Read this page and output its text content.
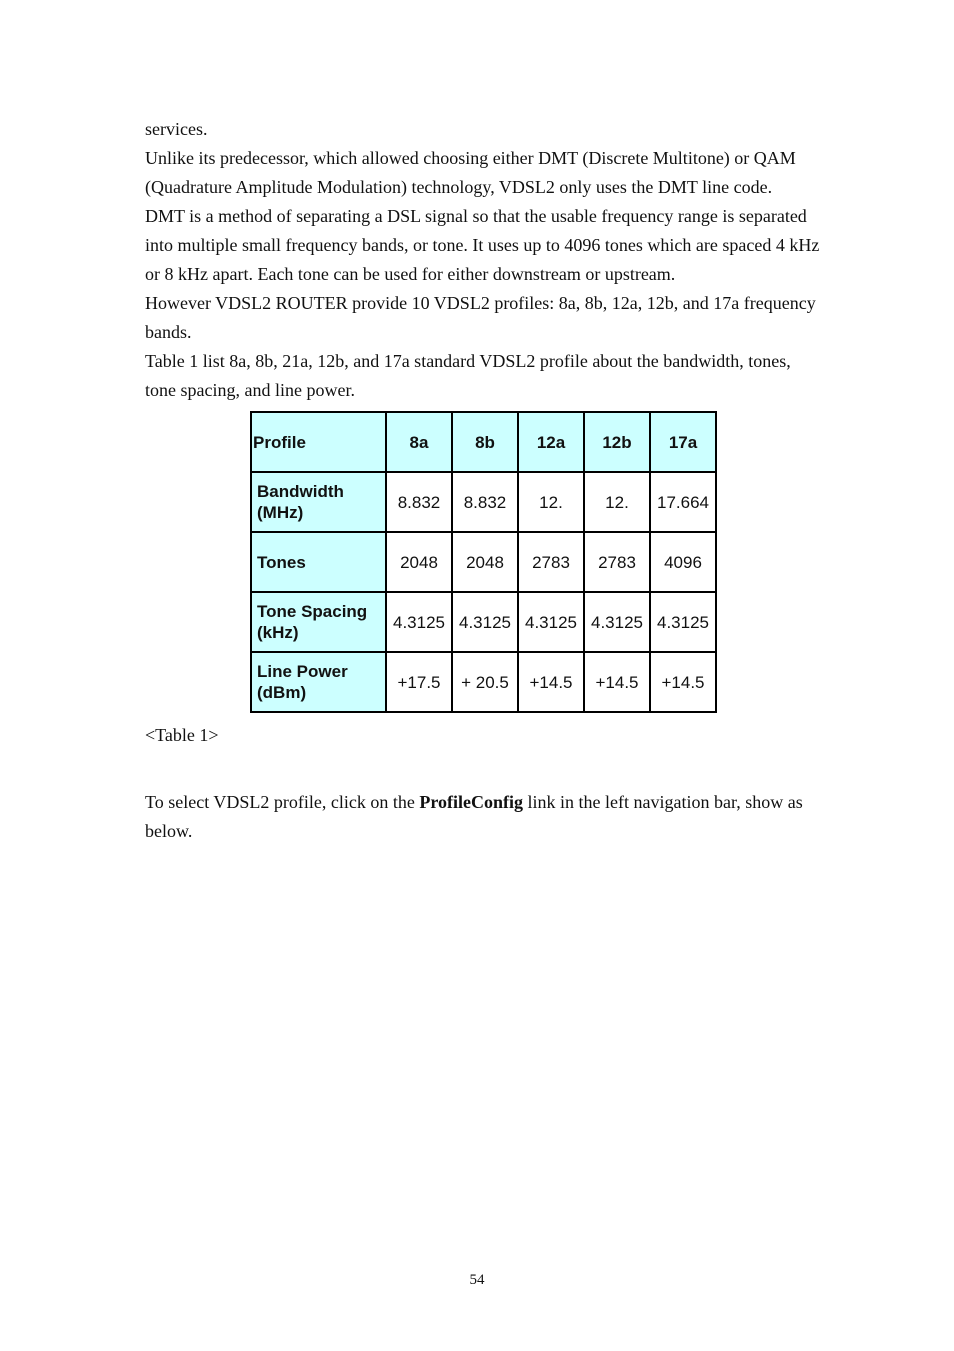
services.

Unlike its predecessor, which allowed choosing either DMT (Discrete Multitone) or QAM (Quadrature Amplitude Modulation) technology, VDSL2 only uses the DMT line code.

DMT is a method of separating a DSL signal so that the usable frequency range is separated into multiple small frequency bands, or tone. It uses up to 4096 tones which are spaced 4 kHz or 8 kHz apart. Each tone can be used for either downstream or upstream.

However VDSL2 ROUTER provide 10 VDSL2 profiles: 8a, 8b, 12a, 12b, and 17a frequency bands.

Table 1 list 8a, 8b, 21a, 12b, and 17a standard VDSL2 profile about the bandwidth, tones, tone spacing, and line power.

Profile	8a	8b	12a	12b	17a
Bandwidth
(MHz)	8.832	8.832	12.	12.	17.664
Tones	2048	2048	2783	2783	4096
Tone Spacing
(kHz)	4.3125	4.3125	4.3125	4.3125	4.3125
Line Power
(dBm)	+17.5	+ 20.5	+14.5	+14.5	+14.5

<Table 1>

To select VDSL2 profile, click on the ProfileConfig link in the left navigation bar, show as below.

54
